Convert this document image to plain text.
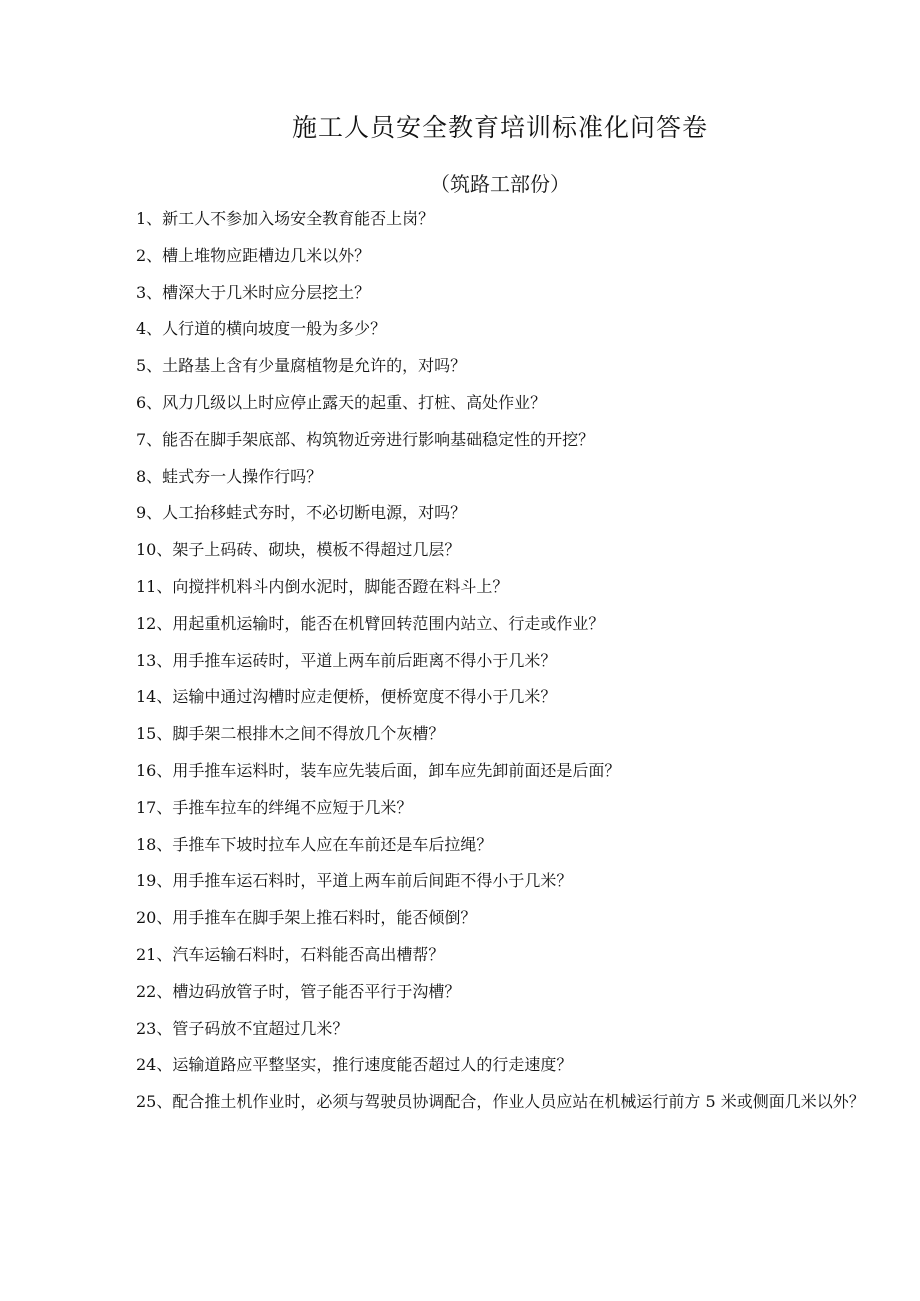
施工人员安全教育培训标准化问答卷
（筑路工部份）
1、新工人不参加入场安全教育能否上岗？
2、槽上堆物应距槽边几米以外？
3、槽深大于几米时应分层挖土？
4、人行道的横向坡度一般为多少？
5、土路基上含有少量腐植物是允许的，对吗？
6、风力几级以上时应停止露天的起重、打桩、高处作业？
7、能否在脚手架底部、构筑物近旁进行影响基础稳定性的开挖？
8、蛙式夯一人操作行吗？
9、人工抬移蛙式夯时，不必切断电源，对吗？
10、架子上码砖、砌块，模板不得超过几层？
11、向搅拌机料斗内倒水泥时，脚能否蹬在料斗上？
12、用起重机运输时，能否在机臂回转范围内站立、行走或作业？
13、用手推车运砖时，平道上两车前后距离不得小于几米？
14、运输中通过沟槽时应走便桥，便桥宽度不得小于几米？
15、脚手架二根排木之间不得放几个灰槽？
16、用手推车运料时，装车应先装后面，卸车应先卸前面还是后面？
17、手推车拉车的绊绳不应短于几米？
18、手推车下坡时拉车人应在车前还是车后拉绳？
19、用手推车运石料时，平道上两车前后间距不得小于几米？
20、用手推车在脚手架上推石料时，能否倾倒？
21、汽车运输石料时，石料能否高出槽帮？
22、槽边码放管子时，管子能否平行于沟槽？
23、管子码放不宜超过几米？
24、运输道路应平整坚实，推行速度能否超过人的行走速度？
25、配合推土机作业时，必须与驾驶员协调配合，作业人员应站在机械运行前方 5 米或侧面几米以外？
